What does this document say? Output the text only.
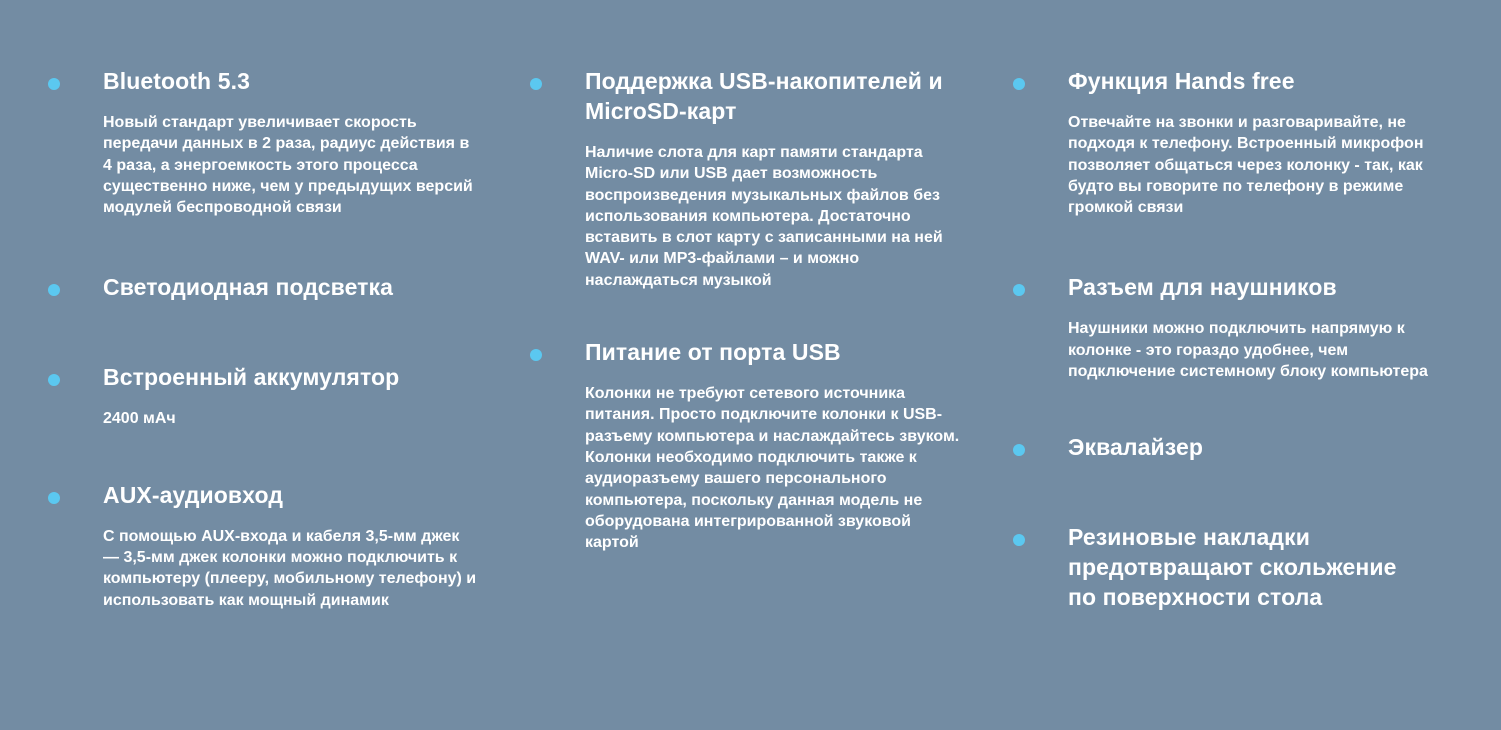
Bluetooth 5.3

Новый стандарт увеличивает скорость передачи данных в 2 раза, радиус действия в 4 раза, а энергоемкость этого процесса существенно ниже, чем у предыдущих версий модулей беспроводной связи

Светодиодная подсветка
Встроенный аккумулятор

2400 мАч

AUX-аудиовход

С помощью AUX-входа и кабеля 3,5-мм джек — 3,5-мм джек колонки можно подключить к компьютеру (плееру, мобильному телефону) и использовать как мощный динамик

Поддержка USB-накопителей и MicroSD-карт

Наличие слота для карт памяти стандарта Micro-SD или USB дает возможность воспроизведения музыкальных файлов без использования компьютера. Достаточно вставить в слот карту с записанными на ней WAV- или MP3-файлами – и можно наслаждаться музыкой

Питание от порта USB

Колонки не требуют сетевого источника питания. Просто подключите колонки к USB-разъему компьютера и наслаждайтесь звуком. Колонки необходимо подключить также к аудиоразъему вашего персонального компьютера, поскольку данная модель не оборудована интегрированной звуковой картой

Функция Hands free

Отвечайте на звонки и разговаривайте, не подходя к телефону. Встроенный микрофон позволяет общаться через колонку - так, как будто вы говорите по телефону в режиме громкой связи

Разъем для наушников

Наушники можно подключить напрямую к колонке - это гораздо удобнее, чем подключение системному блоку компьютера

Эквалайзер
Резиновые накладки предотвращают скольжение по поверхности стола
